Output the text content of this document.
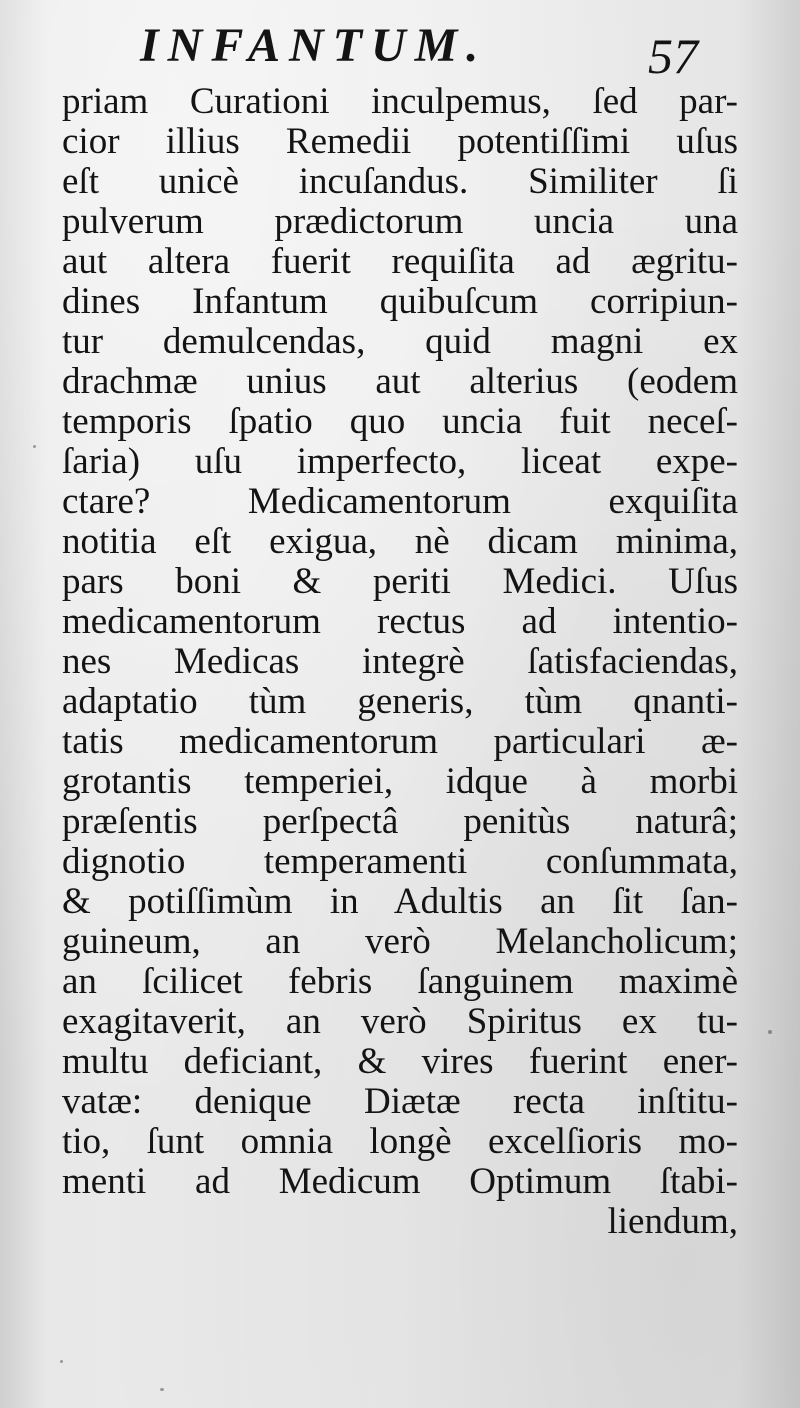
INFANTUM.	57
priam Curationi inculpemus, ſed par-
cior illius Remedii potentiſſimi uſus
eſt unicè incuſandus. Similiter ſi
pulverum prædictorum uncia una
aut altera fuerit requiſita ad ægritu-
dines Infantum quibuſcum corripiun-
tur demulcendas, quid magni ex
drachmæ unius aut alterius (eodem
temporis ſpatio quo uncia fuit neceſ-
ſaria) uſu imperfecto, liceat expe-
ctare? Medicamentorum exquiſita
notitia eſt exigua, nè dicam minima,
pars boni & periti Medici. Uſus
medicamentorum rectus ad intentio-
nes Medicas integrè ſatisfaciendas,
adaptatio tùm generis, tùm qnanti-
tatis medicamentorum particulari æ-
grotantis temperiei, idque à morbi
præſentis perſpectâ penitùs naturâ;
dignotio temperamenti conſummata,
& potiſſimùm in Adultis an ſit ſan-
guineum, an verò Melancholicum;
an ſcilicet febris ſanguinem maximè
exagitaverit, an verò Spiritus ex tu-
multu deficiant, & vires fuerint ener-
vatæ: denique Diætæ recta inſtitu-
tio, ſunt omnia longè excelſioris mo-
menti ad Medicum Optimum ſtabi-
liendum,
